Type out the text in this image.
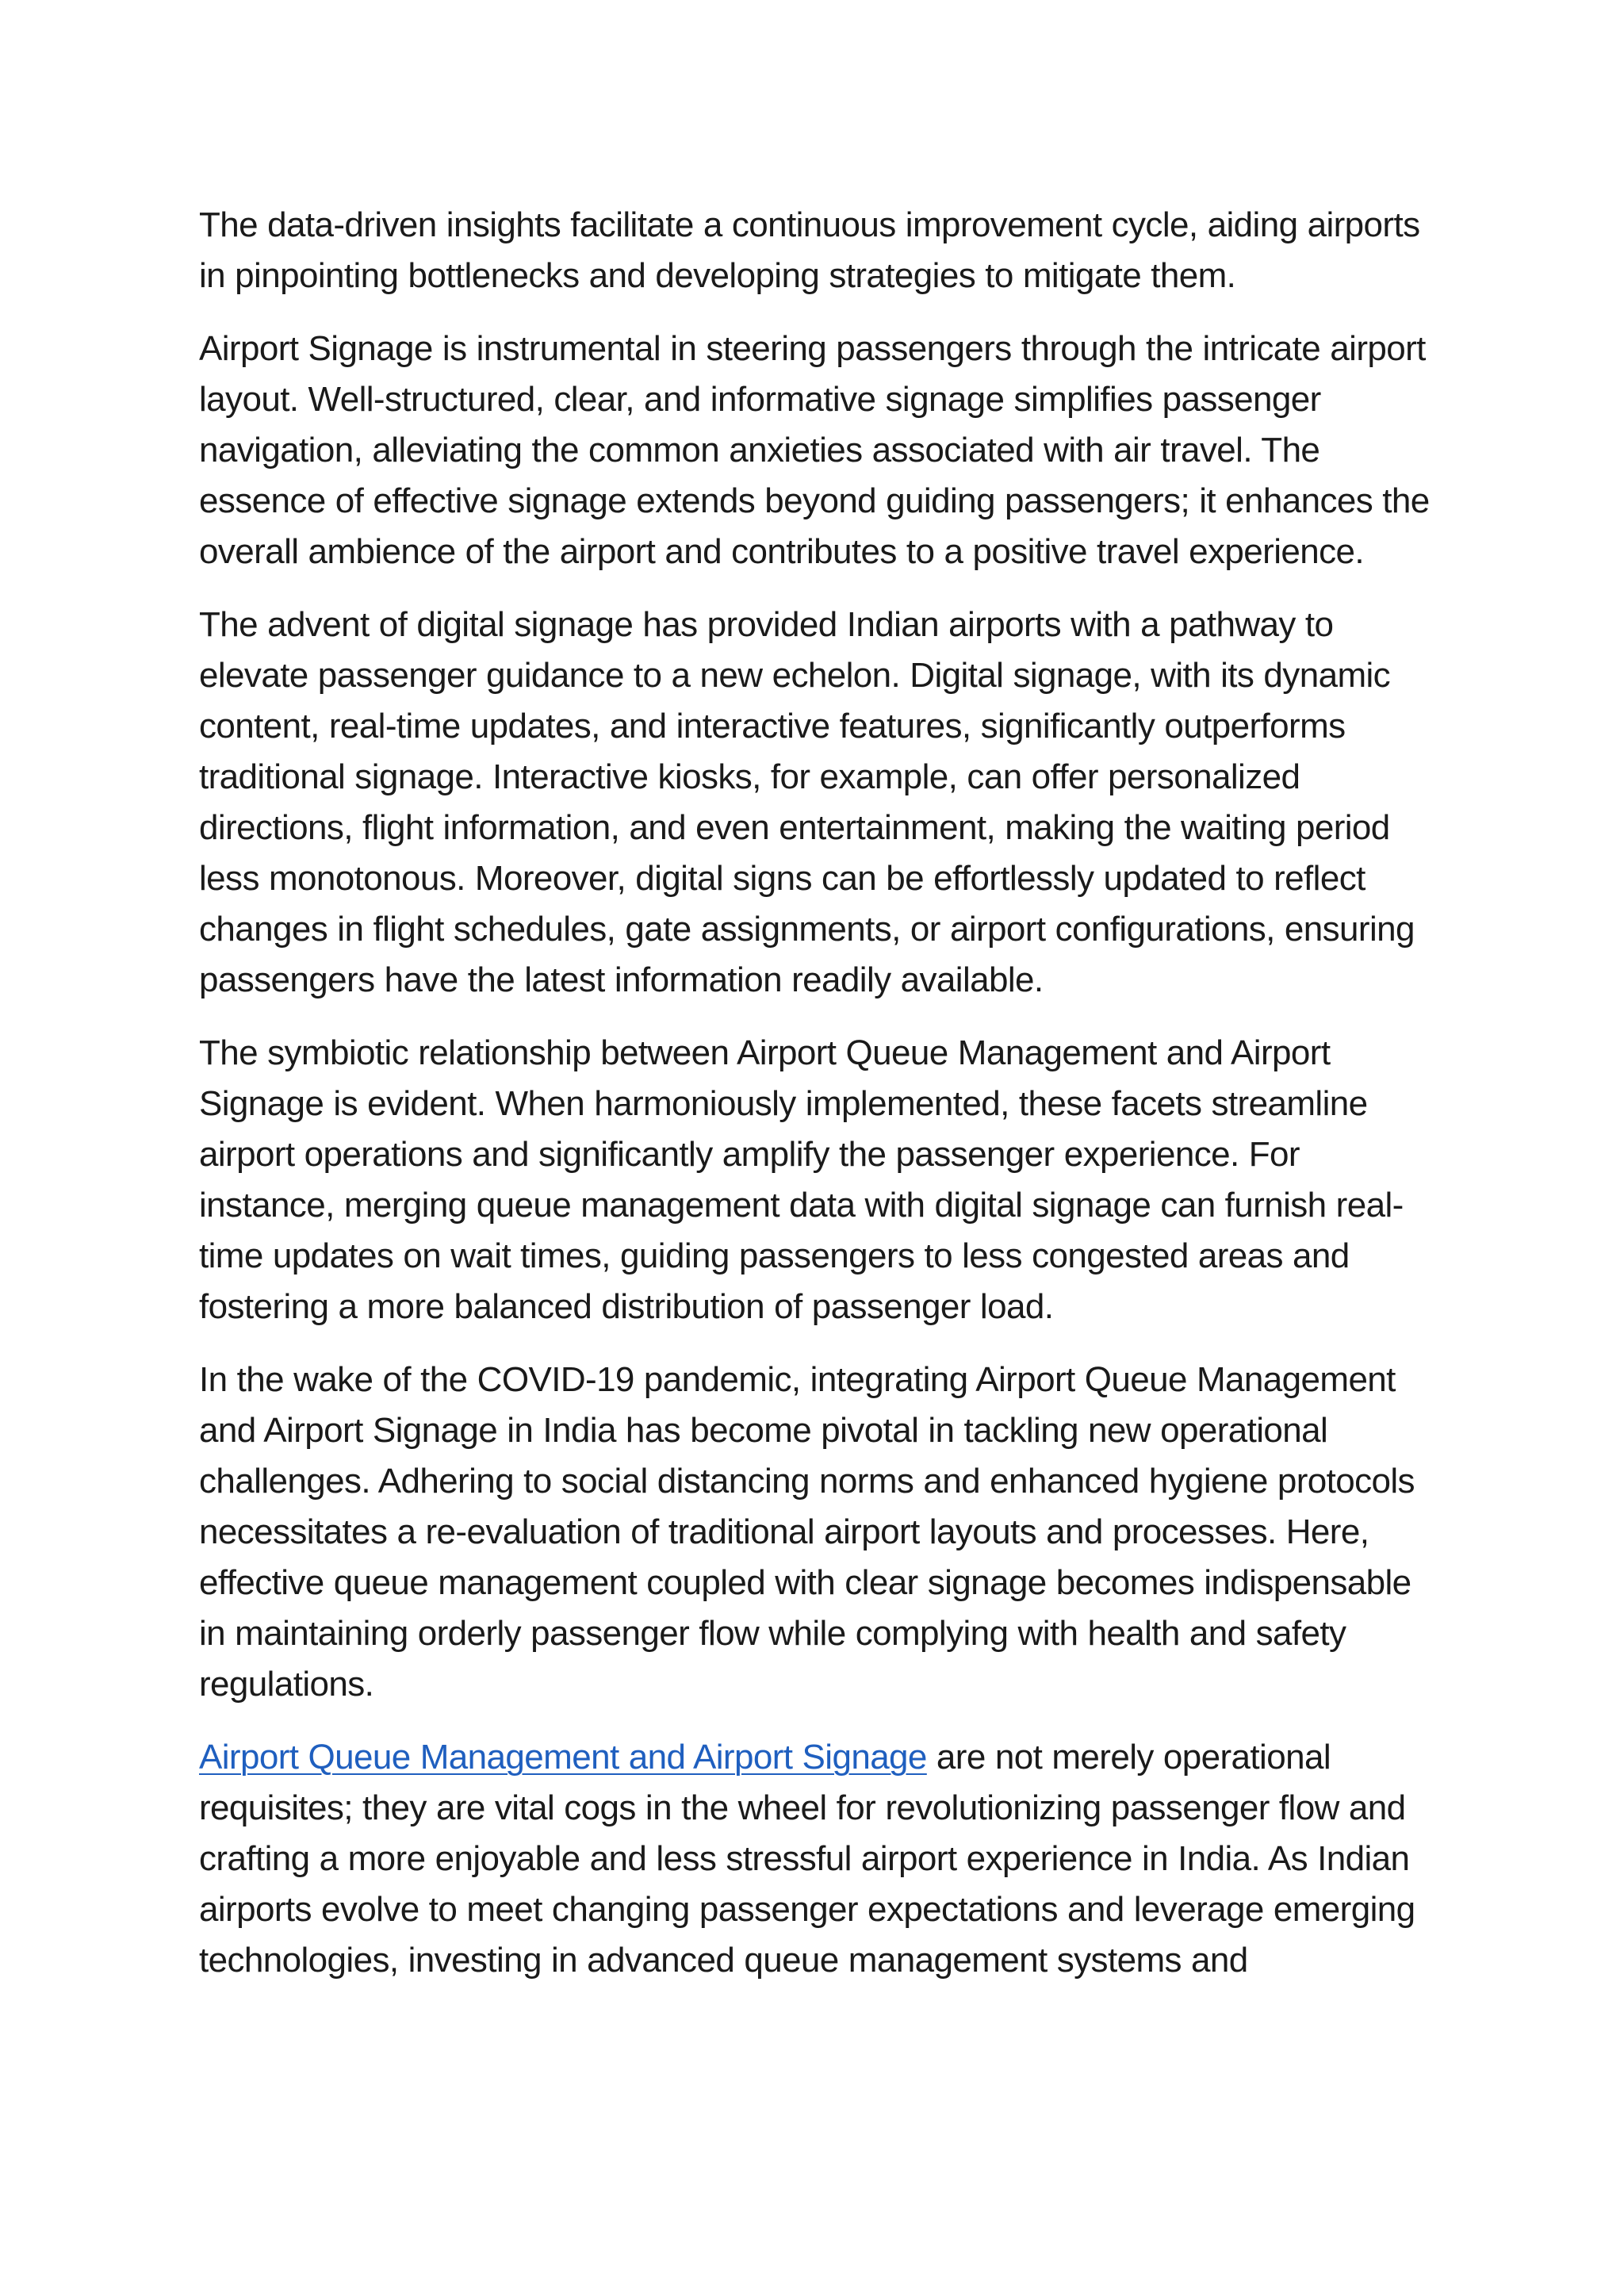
The data-driven insights facilitate a continuous improvement cycle, aiding airports in pinpointing bottlenecks and developing strategies to mitigate them.

Airport Signage is instrumental in steering passengers through the intricate airport layout. Well-structured, clear, and informative signage simplifies passenger navigation, alleviating the common anxieties associated with air travel. The essence of effective signage extends beyond guiding passengers; it enhances the overall ambience of the airport and contributes to a positive travel experience.

The advent of digital signage has provided Indian airports with a pathway to elevate passenger guidance to a new echelon. Digital signage, with its dynamic content, real-time updates, and interactive features, significantly outperforms traditional signage. Interactive kiosks, for example, can offer personalized directions, flight information, and even entertainment, making the waiting period less monotonous. Moreover, digital signs can be effortlessly updated to reflect changes in flight schedules, gate assignments, or airport configurations, ensuring passengers have the latest information readily available.

The symbiotic relationship between Airport Queue Management and Airport Signage is evident. When harmoniously implemented, these facets streamline airport operations and significantly amplify the passenger experience. For instance, merging queue management data with digital signage can furnish real-time updates on wait times, guiding passengers to less congested areas and fostering a more balanced distribution of passenger load.

In the wake of the COVID-19 pandemic, integrating Airport Queue Management and Airport Signage in India has become pivotal in tackling new operational challenges. Adhering to social distancing norms and enhanced hygiene protocols necessitates a re-evaluation of traditional airport layouts and processes. Here, effective queue management coupled with clear signage becomes indispensable in maintaining orderly passenger flow while complying with health and safety regulations.

Airport Queue Management and Airport Signage are not merely operational requisites; they are vital cogs in the wheel for revolutionizing passenger flow and crafting a more enjoyable and less stressful airport experience in India. As Indian airports evolve to meet changing passenger expectations and leverage emerging technologies, investing in advanced queue management systems and
